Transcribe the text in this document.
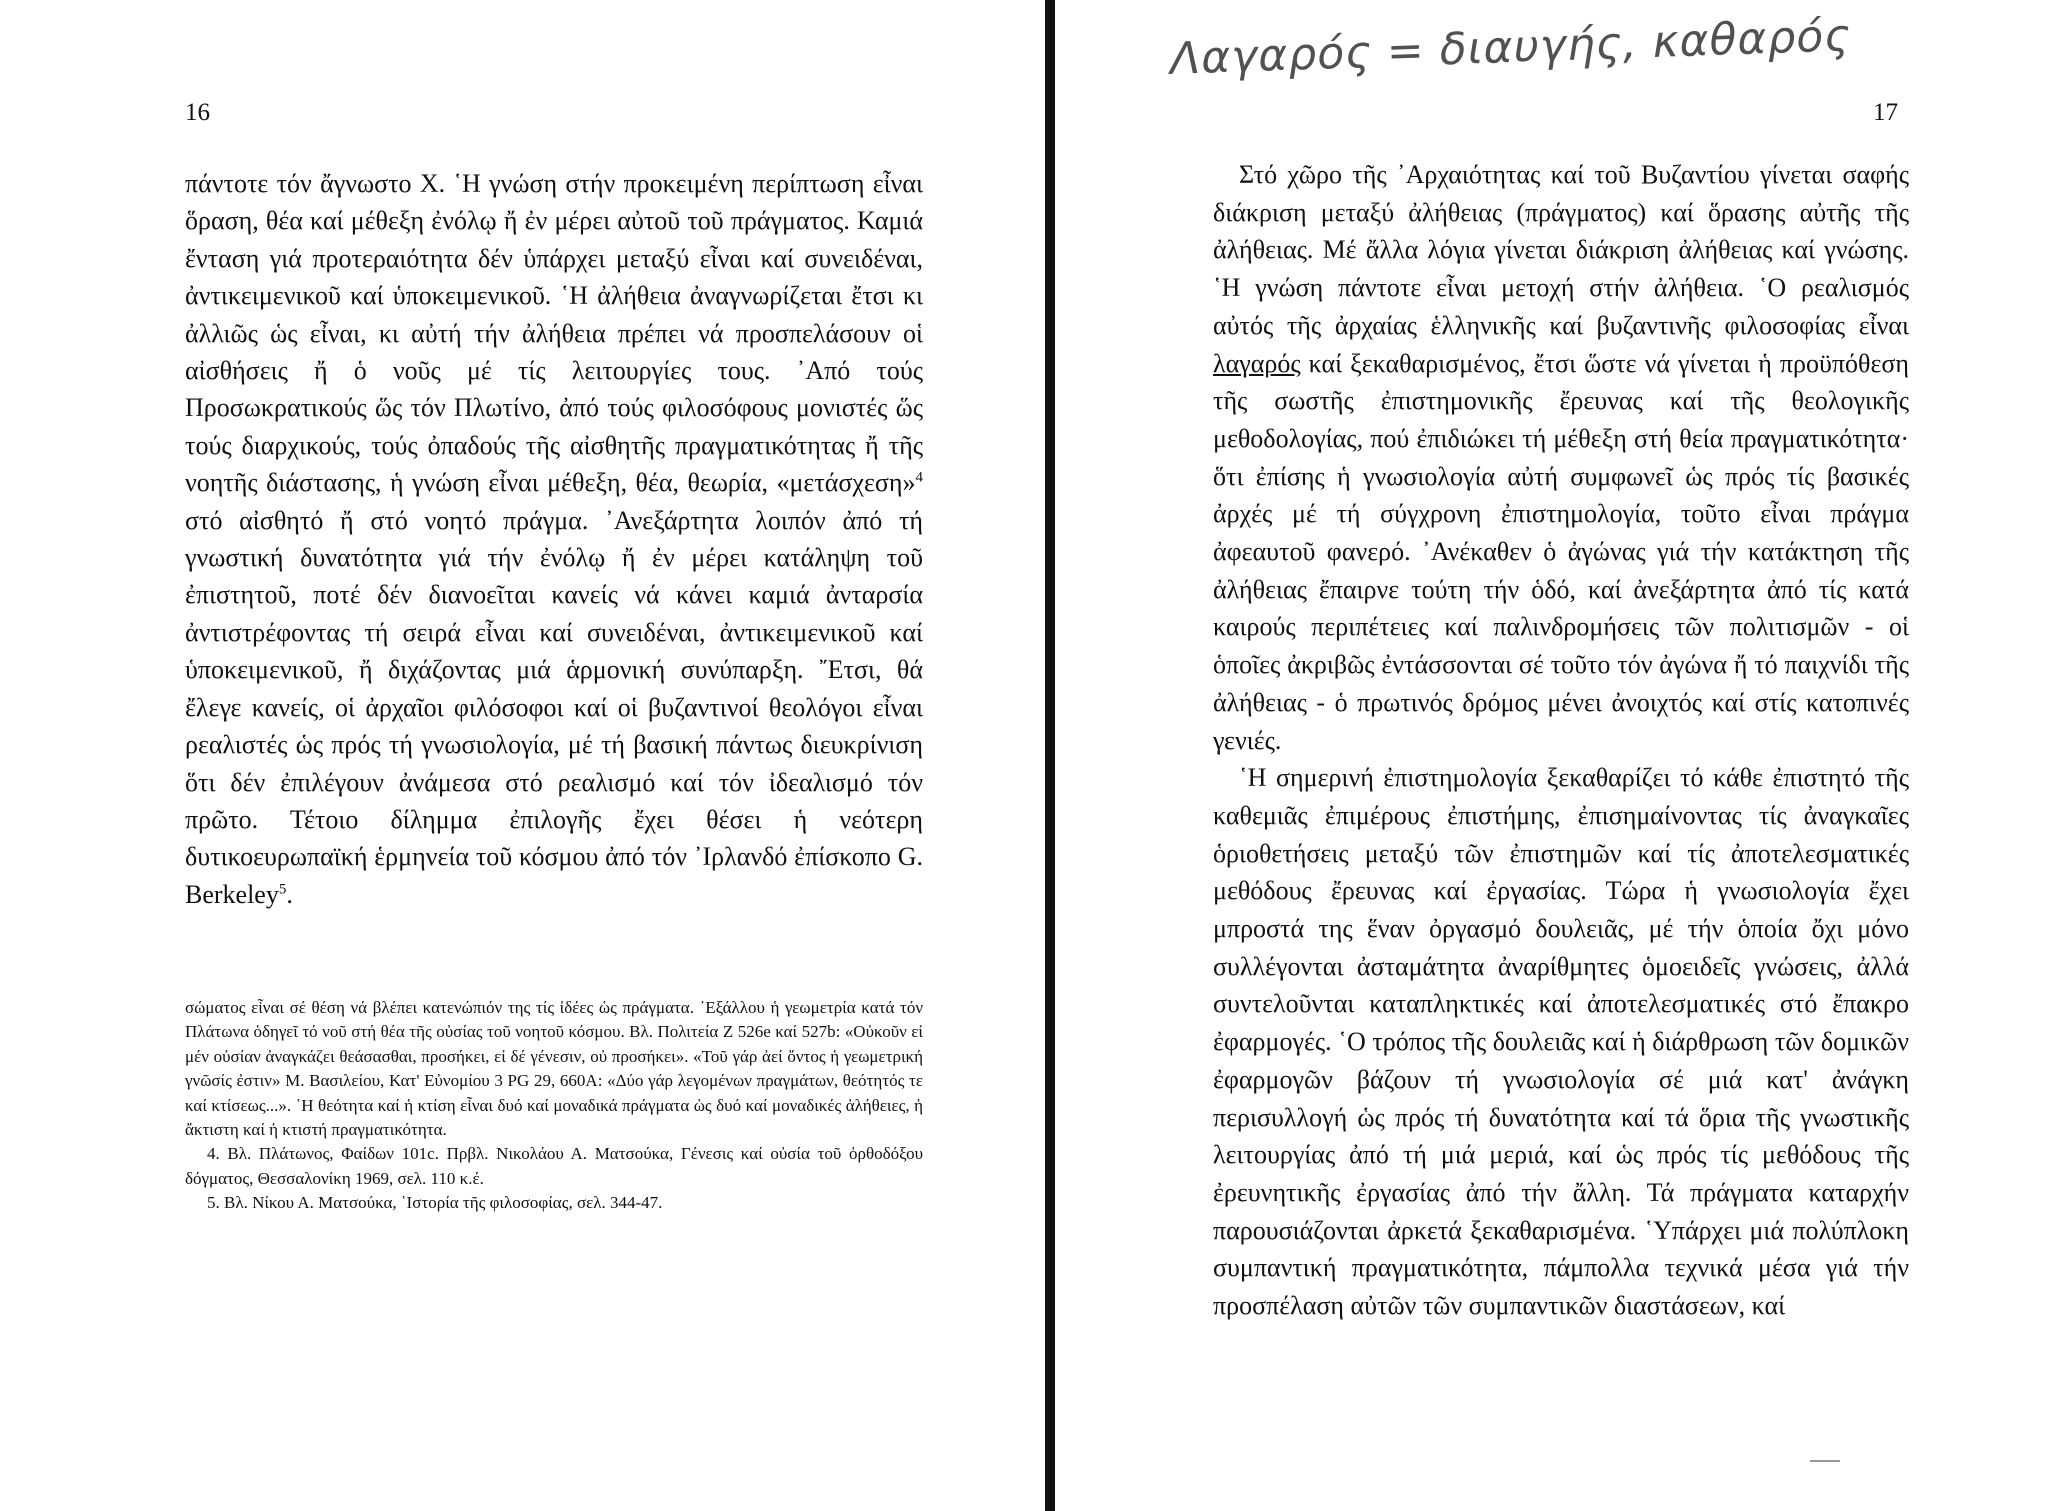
16

πάντοτε τόν ἄγνωστο Χ. ῾Η γνώση στήν προκειμένη περίπτωση εἶναι ὅραση, θέα καί μέθεξη ἐνόλῳ ἤ ἐν μέρει αὐτοῦ τοῦ πράγματος. Καμιά ἔνταση γιά προτεραιότητα δέν ὑπάρχει μεταξύ εἶναι καί συνειδέναι, ἀντικειμενικοῦ καί ὑποκειμενικοῦ. ῾Η ἀλήθεια ἀναγνωρίζεται ἔτσι κι ἀλλιῶς ὡς εἶναι, κι αὐτή τήν ἀλήθεια πρέπει νά προσπελάσουν οἱ αἰσθήσεις ἤ ὁ νοῦς μέ τίς λειτουργίες τους. ᾿Από τούς Προσωκρατικούς ὥς τόν Πλωτίνο, ἀπό τούς φιλοσόφους μονιστές ὥς τούς διαρχικούς, τούς ὀπαδούς τῆς αἰσθητῆς πραγματικότητας ἤ τῆς νοητῆς διάστασης, ἡ γνώση εἶναι μέθεξη, θέα, θεωρία, «μετάσχεση»$^4$ στό αἰσθητό ἤ στό νοητό πράγμα. ᾿Ανεξάρτητα λοιπόν ἀπό τή γνωστική δυνατότητα γιά τήν ἐνόλῳ ἤ ἐν μέρει κατάληψη τοῦ ἐπιστητοῦ, ποτέ δέν διανοεῖται κανείς νά κάνει καμιά ἀνταρσία ἀντιστρέφοντας τή σειρά εἶναι καί συνειδέναι, ἀντικειμενικοῦ καί ὑποκειμενικοῦ, ἤ διχάζοντας μιά ἁρμονική συνύπαρξη. ῎Ετσι, θά ἔλεγε κανείς, οἱ ἀρχαῖοι φιλόσοφοι καί οἱ βυζαντινοί θεολόγοι εἶναι ρεαλιστές ὡς πρός τή γνωσιολογία, μέ τή βασική πάντως διευκρίνιση ὅτι δέν ἐπιλέγουν ἀνάμεσα στό ρεαλισμό καί τόν ἰδεαλισμό τόν πρῶτο. Τέτοιο δίλημμα ἐπιλογῆς ἔχει θέσει ἡ νεότερη δυτικοευρωπαϊκή ἑρμηνεία τοῦ κόσμου ἀπό τόν ᾿Ιρλανδό ἐπίσκοπο G. Berkeley$^5$.

σώματος εἶναι σέ θέση νά βλέπει κατενώπιόν της τίς ἰδέες ὡς πράγματα. ᾿Εξάλλου ἡ γεωμετρία κατά τόν Πλάτωνα ὁδηγεῖ τό νοῦ στή θέα τῆς οὐσίας τοῦ νοητοῦ κόσμου. Βλ. Πολιτεία Ζ 526e καί 527b: «Οὐκοῦν εἰ μέν οὐσίαν ἀναγκάζει θεάσασθαι, προσήκει, εἰ δέ γένεσιν, οὐ προσήκει». «Τοῦ γάρ ἀεί ὄντος ἡ γεωμετρική γνῶσίς ἐστιν» Μ. Βασιλείου, Κατ' Εὐνομίου 3 PG 29, 660A: «Δύο γάρ λεγομένων πραγμάτων, θεότητός τε καί κτίσεως...». ῾Η θεότητα καί ἡ κτίση εἶναι δυό καί μοναδικά πράγματα ὡς δυό καί μοναδικές ἀλήθειες, ἡ ἄκτιστη καί ἡ κτιστή πραγματικότητα.

4. Βλ. Πλάτωνος, Φαίδων 101c. Πρβλ. Νικολάου Α. Ματσούκα, Γένεσις καί οὐσία τοῦ ὀρθοδόξου δόγματος, Θεσσαλονίκη 1969, σελ. 110 κ.έ.

5. Βλ. Νίκου Α. Ματσούκα, ῾Ιστορία τῆς φιλοσοφίας, σελ. 344-47.

Λαγαρός = διαυγής, καθαρός
17

Στό χῶρο τῆς ᾿Αρχαιότητας καί τοῦ Βυζαντίου γίνεται σαφής διάκριση μεταξύ ἀλήθειας (πράγματος) καί ὅρασης αὐτῆς τῆς ἀλήθειας. Μέ ἄλλα λόγια γίνεται διάκριση ἀλήθειας καί γνώσης. ῾Η γνώση πάντοτε εἶναι μετοχή στήν ἀλήθεια. ῾Ο ρεαλισμός αὐτός τῆς ἀρχαίας ἑλληνικῆς καί βυζαντινῆς φιλοσοφίας εἶναι λαγαρός καί ξεκαθαρισμένος, ἔτσι ὥστε νά γίνεται ἡ προϋπόθεση τῆς σωστῆς ἐπιστημονικῆς ἔρευνας καί τῆς θεολογικῆς μεθοδολογίας, πού ἐπιδιώκει τή μέθεξη στή θεία πραγματικότητα· ὅτι ἐπίσης ἡ γνωσιολογία αὐτή συμφωνεῖ ὡς πρός τίς βασικές ἀρχές μέ τή σύγχρονη ἐπιστημολογία, τοῦτο εἶναι πράγμα ἀφεαυτοῦ φανερό. ᾿Ανέκαθεν ὁ ἀγώνας γιά τήν κατάκτηση τῆς ἀλήθειας ἔπαιρνε τούτη τήν ὁδό, καί ἀνεξάρτητα ἀπό τίς κατά καιρούς περιπέτειες καί παλινδρομήσεις τῶν πολιτισμῶν - οἱ ὁποῖες ἀκριβῶς ἐντάσσονται σέ τοῦτο τόν ἀγώνα ἤ τό παιχνίδι τῆς ἀλήθειας - ὁ πρωτινός δρόμος μένει ἀνοιχτός καί στίς κατοπινές γενιές.

῾Η σημερινή ἐπιστημολογία ξεκαθαρίζει τό κάθε ἐπιστητό τῆς καθεμιᾶς ἐπιμέρους ἐπιστήμης, ἐπισημαίνοντας τίς ἀναγκαῖες ὁριοθετήσεις μεταξύ τῶν ἐπιστημῶν καί τίς ἀποτελεσματικές μεθόδους ἔρευνας καί ἐργασίας. Τώρα ἡ γνωσιολογία ἔχει μπροστά της ἕναν ὀργασμό δουλειᾶς, μέ τήν ὁποία ὄχι μόνο συλλέγονται ἀσταμάτητα ἀναρίθμητες ὁμοειδεῖς γνώσεις, ἀλλά συντελοῦνται καταπληκτικές καί ἀποτελεσματικές στό ἔπακρο ἐφαρμογές. ῾Ο τρόπος τῆς δουλειᾶς καί ἡ διάρθρωση τῶν δομικῶν ἐφαρμογῶν βάζουν τή γνωσιολογία σέ μιά κατ' ἀνάγκη περισυλλογή ὡς πρός τή δυνατότητα καί τά ὅρια τῆς γνωστικῆς λειτουργίας ἀπό τή μιά μεριά, καί ὡς πρός τίς μεθόδους τῆς ἐρευνητικῆς ἐργασίας ἀπό τήν ἄλλη. Τά πράγματα καταρχήν παρουσιάζονται ἀρκετά ξεκαθαρισμένα. ῾Υπάρχει μιά πολύπλοκη συμπαντική πραγματικότητα, πάμπολλα τεχνικά μέσα γιά τήν προσπέλαση αὐτῶν τῶν συμπαντικῶν διαστάσεων, καί
